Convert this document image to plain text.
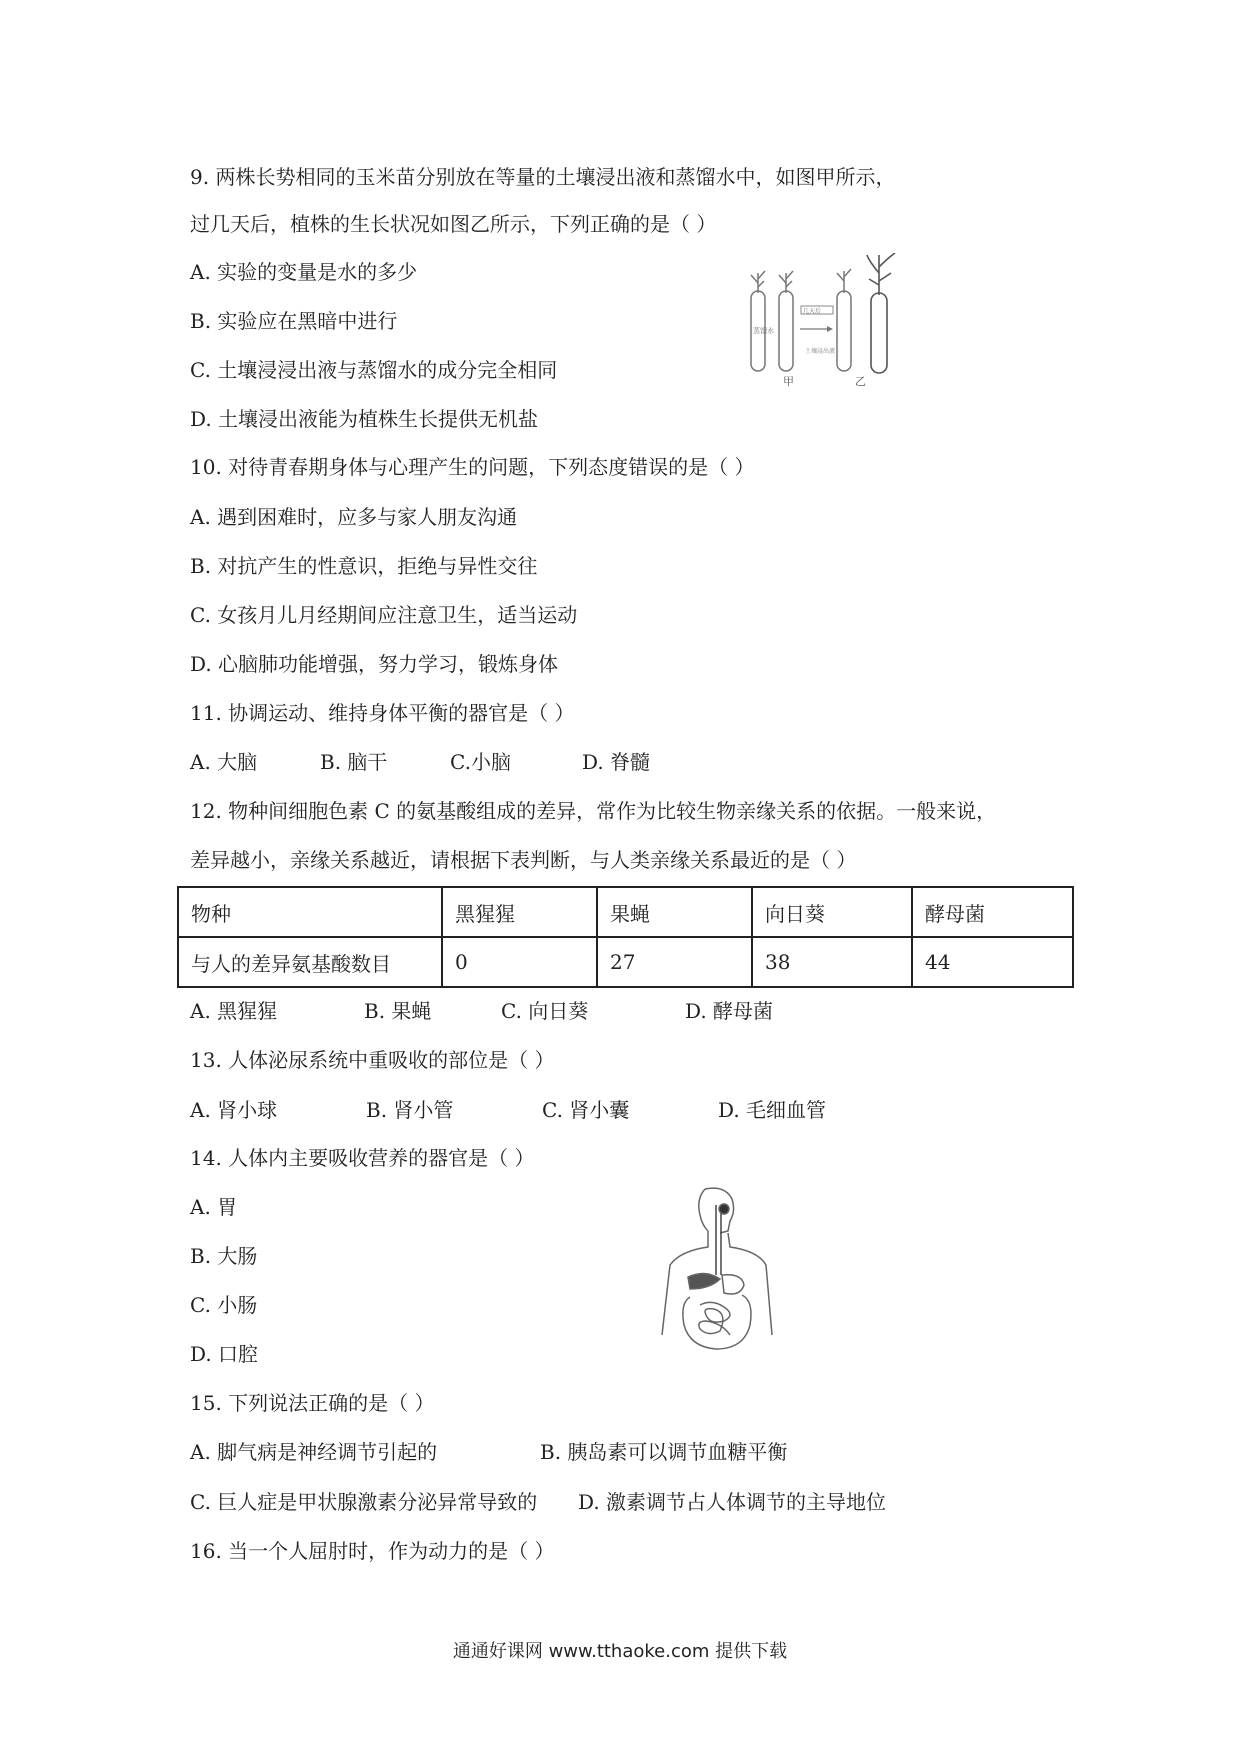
9. 两株长势相同的玉米苗分别放在等量的土壤浸出液和蒸馏水中，如图甲所示，
过几天后，植株的生长状况如图乙所示，下列正确的是（ ）
A. 实验的变量是水的多少
B. 实验应在黑暗中进行
C. 土壤浸浸出液与蒸馏水的成分完全相同
D. 土壤浸出液能为植株生长提供无机盐
蒸馏水
几天后
土壤浸出液
甲	乙
10. 对待青春期身体与心理产生的问题，下列态度错误的是（ ）
A. 遇到困难时，应多与家人朋友沟通
B. 对抗产生的性意识，拒绝与异性交往
C. 女孩月儿月经期间应注意卫生，适当运动
D. 心脑肺功能增强，努力学习，锻炼身体
11. 协调运动、维持身体平衡的器官是（ ）
A. 大脑	B. 脑干	C.小脑	D. 脊髓
12. 物种间细胞色素 C 的氨基酸组成的差异，常作为比较生物亲缘关系的依据。一般来说，
差异越小，亲缘关系越近，请根据下表判断，与人类亲缘关系最近的是（ ）
物种	黑猩猩	果蝇	向日葵	酵母菌
与人的差异氨基酸数目	0	27	38	44
A. 黑猩猩	B. 果蝇	C. 向日葵	D. 酵母菌
13. 人体泌尿系统中重吸收的部位是（ ）
A. 肾小球	B. 肾小管	C. 肾小囊	D. 毛细血管
14. 人体内主要吸收营养的器官是（ ）
A. 胃
B. 大肠
C. 小肠
D. 口腔
15. 下列说法正确的是（ ）
A. 脚气病是神经调节引起的	B. 胰岛素可以调节血糖平衡
C. 巨人症是甲状腺激素分泌异常导致的 D. 激素调节占人体调节的主导地位
16. 当一个人屈肘时，作为动力的是（ ）
通通好课网 www.tthaoke.com 提供下载
